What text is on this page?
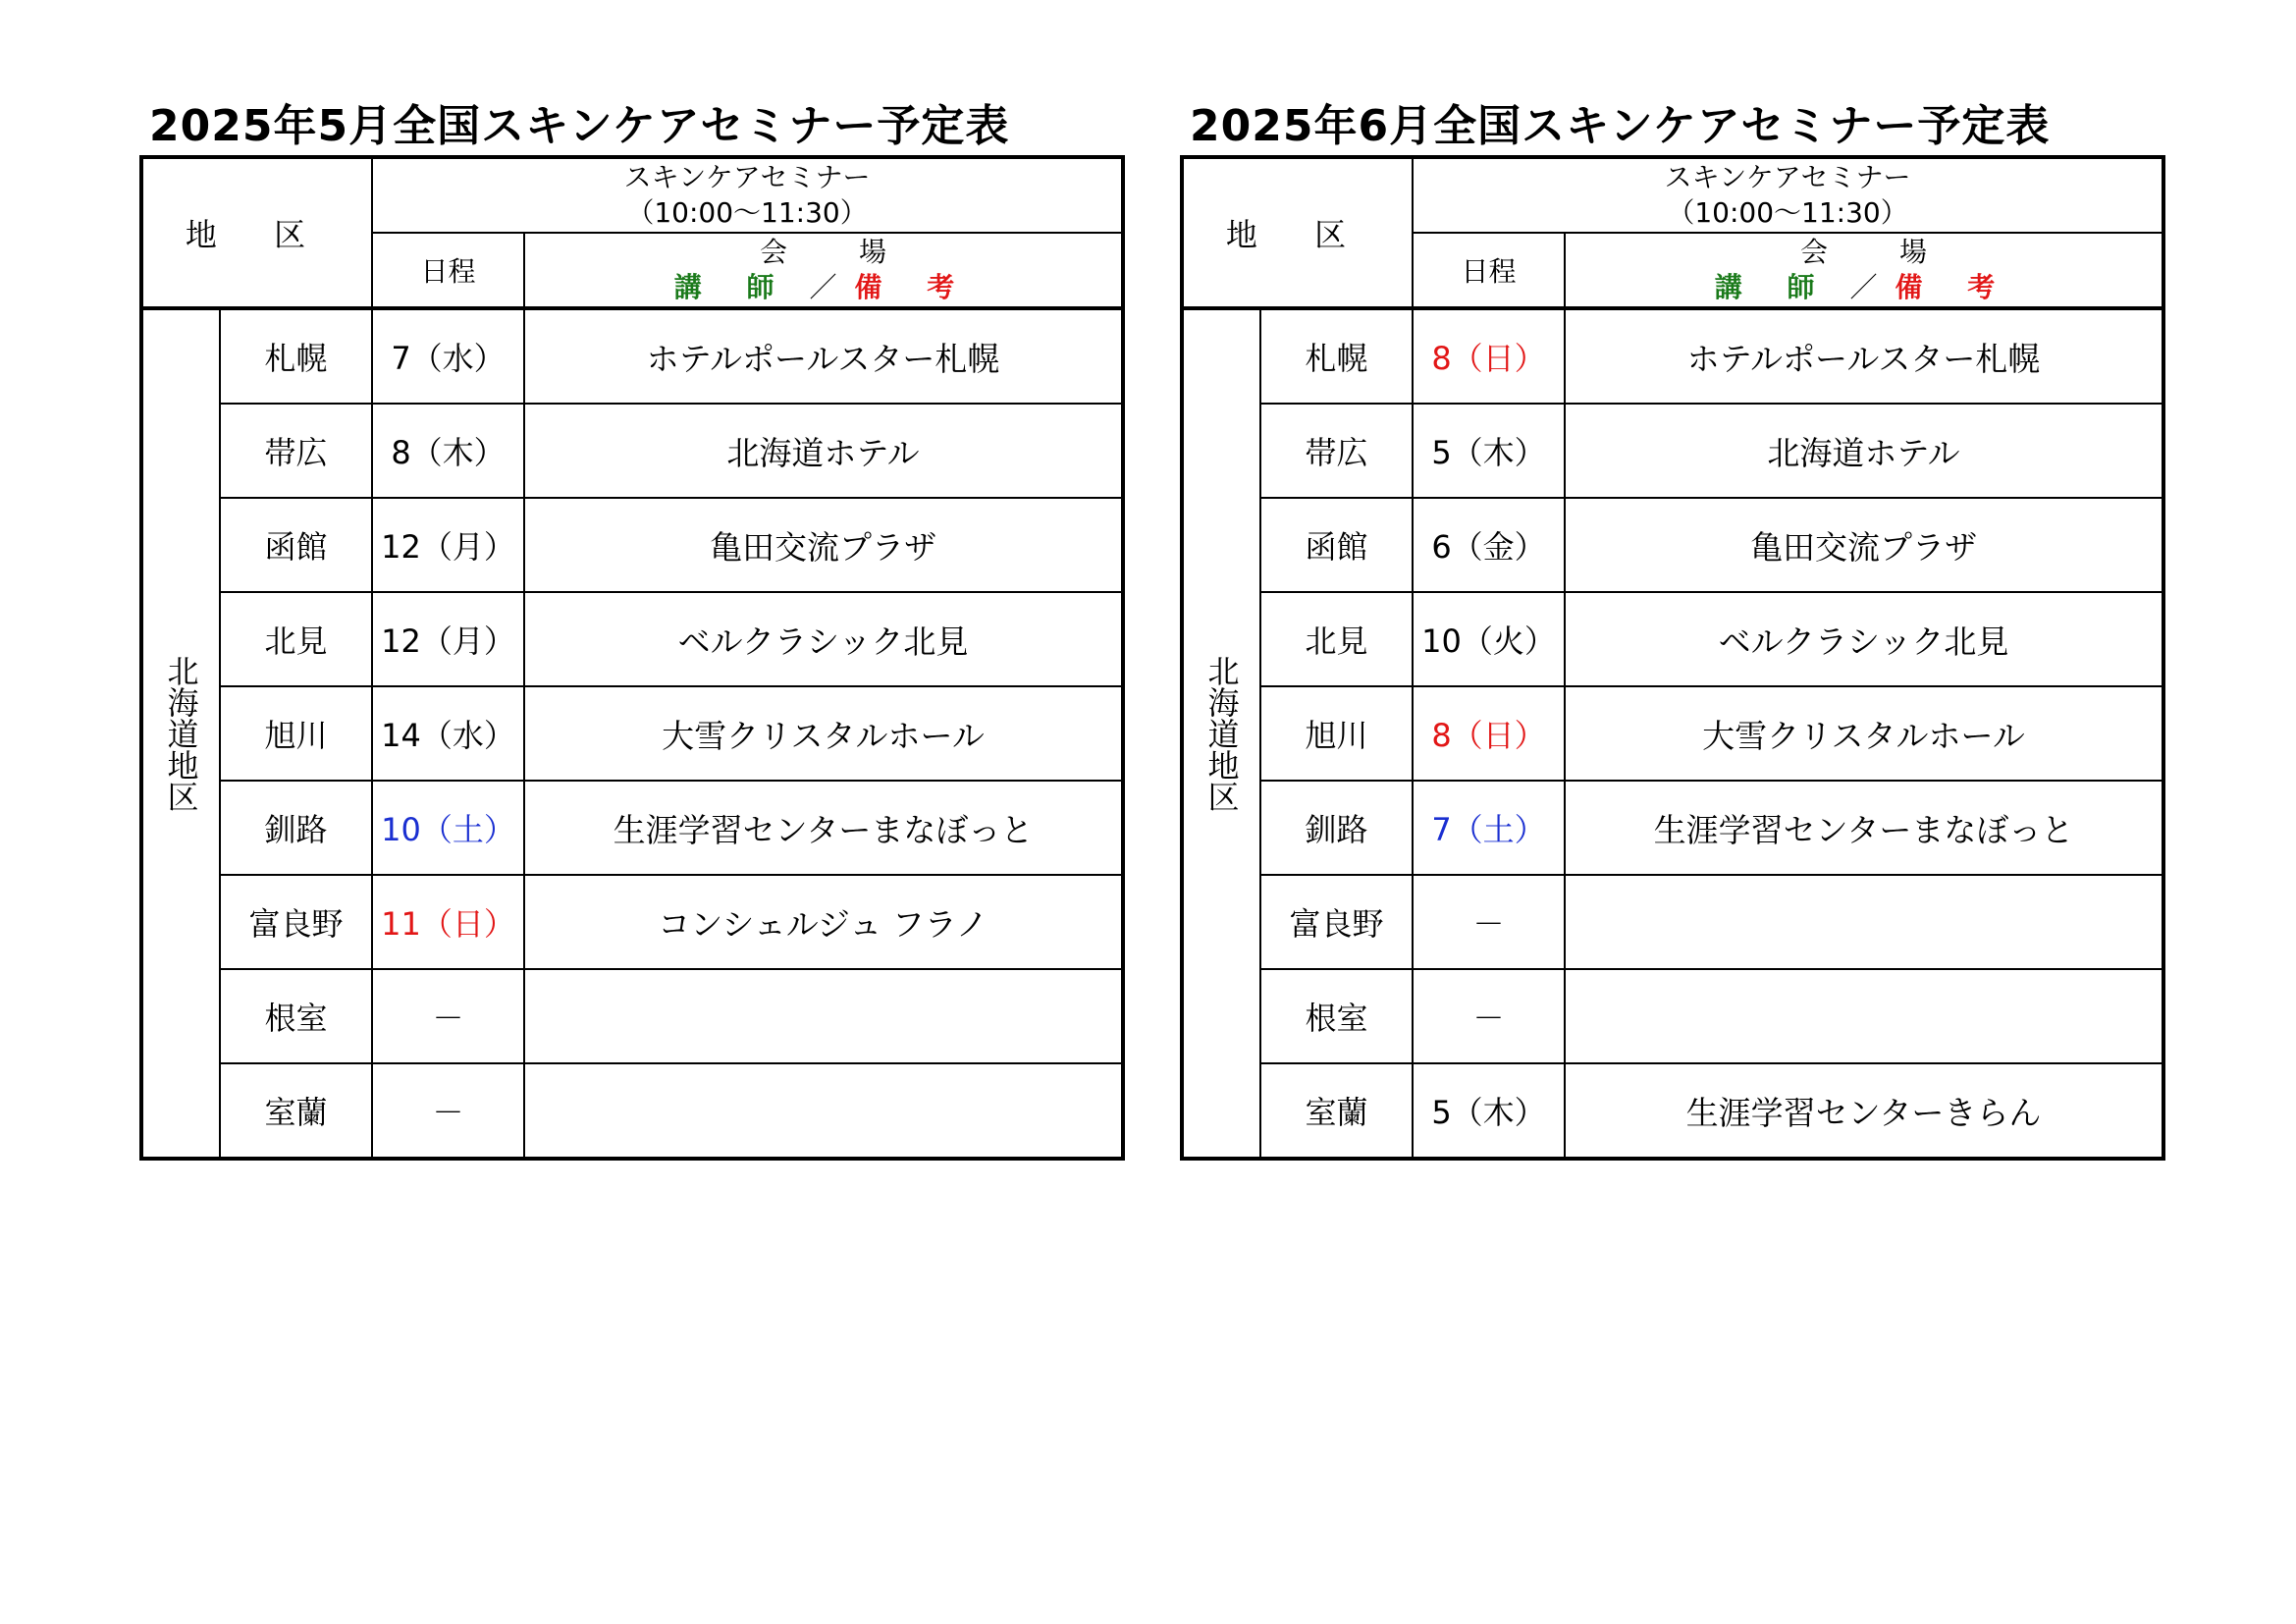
2025年5月全国スキンケアセミナー予定表
地 区		スキンケアセミナー
（10:00〜11:30）	

		日程	会 場
講 師 ／ 備 考

北海道地区	札幌	7（水）	ホテルポールスター札幌
	帯広	8（木）	北海道ホテル
	函館	12（月）	亀田交流プラザ
	北見	12（月）	ベルクラシック北見
	旭川	14（水）	大雪クリスタルホール
	釧路	10（土）	生涯学習センターまなぼっと
	富良野	11（日）	コンシェルジュ フラノ
	根室	－	
	室蘭	－	
2025年6月全国スキンケアセミナー予定表
地 区		スキンケアセミナー
（10:00〜11:30）	

		日程	会 場
講 師 ／ 備 考

北海道地区	札幌	8（日）	ホテルポールスター札幌
	帯広	5（木）	北海道ホテル
	函館	6（金）	亀田交流プラザ
	北見	10（火）	ベルクラシック北見
	旭川	8（日）	大雪クリスタルホール
	釧路	7（土）	生涯学習センターまなぼっと
	富良野	－	
	根室	－	
	室蘭	5（木）	生涯学習センターきらん
